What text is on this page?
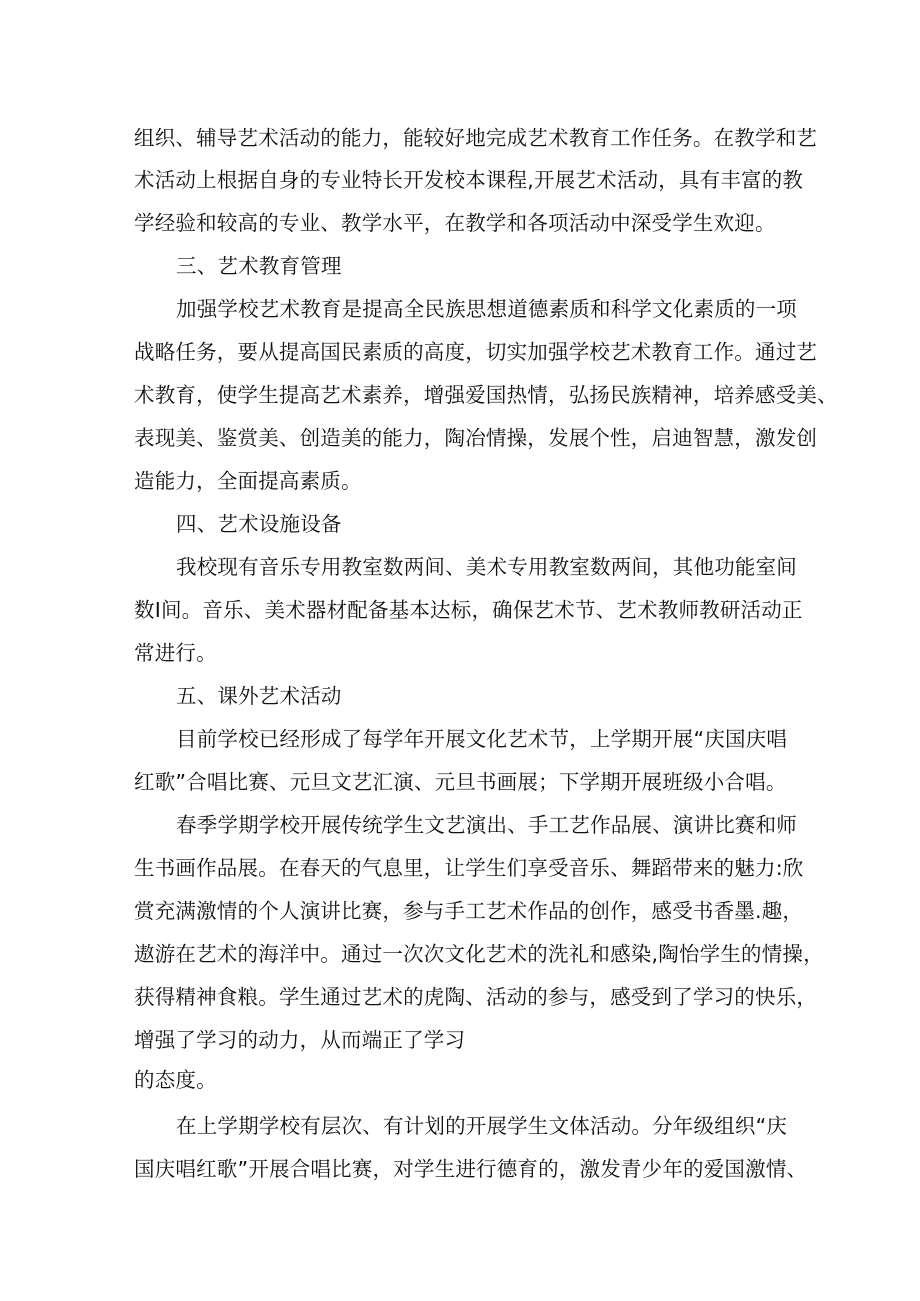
组织、辅导艺术活动的能力，能较好地完成艺术教育工作任务。在教学和艺
术活动上根据自身的专业特长开发校本课程,开展艺术活动，具有丰富的教
学经验和较高的专业、教学水平，在教学和各项活动中深受学生欢迎。
三、艺术教育管理
加强学校艺术教育是提高全民族思想道德素质和科学文化素质的一项
战略任务，要从提高国民素质的高度，切实加强学校艺术教育工作。通过艺
术教育，使学生提高艺术素养，增强爱国热情，弘扬民族精神，培养感受美、
表现美、鉴赏美、创造美的能力，陶冶情操，发展个性，启迪智慧，激发创
造能力，全面提高素质。
四、艺术设施设备
我校现有音乐专用教室数两间、美术专用教室数两间，其他功能室间
数I间。音乐、美术器材配备基本达标，确保艺术节、艺术教师教研活动正
常进行。
五、课外艺术活动
目前学校已经形成了每学年开展文化艺术节，上学期开展“庆国庆唱
红歌”合唱比赛、元旦文艺汇演、元旦书画展；下学期开展班级小合唱。
春季学期学校开展传统学生文艺演出、手工艺作品展、演讲比赛和师
生书画作品展。在春天的气息里，让学生们享受音乐、舞蹈带来的魅力:欣
赏充满激情的个人演讲比赛，参与手工艺术作品的创作，感受书香墨.趣，
遨游在艺术的海洋中。通过一次次文化艺术的洗礼和感染,陶怡学生的情操，
获得精神食粮。学生通过艺术的虎陶、活动的参与，感受到了学习的快乐，
增强了学习的动力，从而端正了学习
的态度。
在上学期学校有层次、有计划的开展学生文体活动。分年级组织“庆
国庆唱红歌”开展合唱比赛，对学生进行德育的，激发青少年的爱国激情、
